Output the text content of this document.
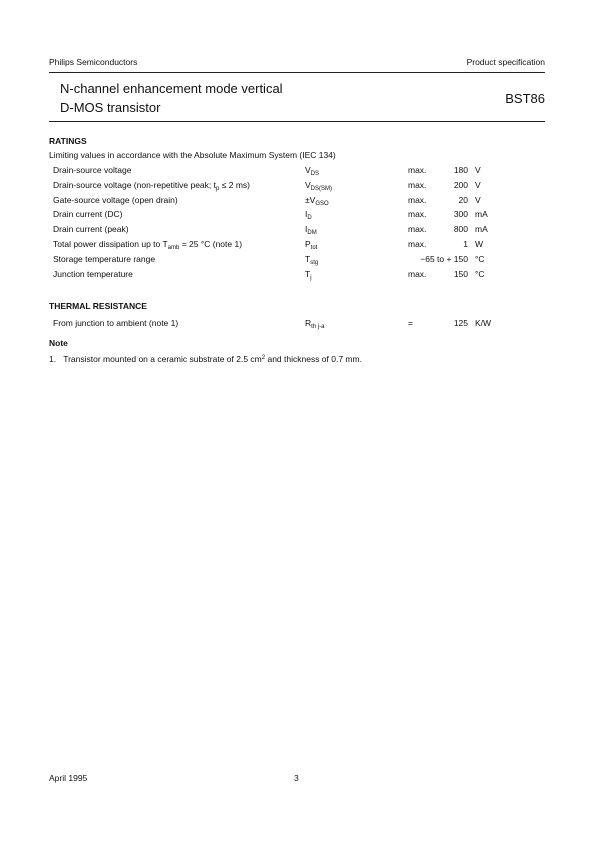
Philips Semiconductors	Product specification
N-channel enhancement mode vertical
D-MOS transistor
BST86
RATINGS
Limiting values in accordance with the Absolute Maximum System (IEC 134)
Drain-source voltage	$V_{DS}$	max.	180 V
Drain-source voltage (non-repetitive peak; $t_p \le 2$ ms)	$V_{DS(SM)}$	max.	200 V
Gate-source voltage (open drain)	$\pm V_{GSO}$	max.	20 V
Drain current (DC)	$I_D$	max.	300 mA
Drain current (peak)	$I_{DM}$	max.	800 mA
Total power dissipation up to $T_{amb} = 25$ °C (note 1)	$P_{tot}$	max.	1 W
Storage temperature range	$T_{stg}$	−65 to + 150 °C
Junction temperature	$T_j$	max.	150 °C
THERMAL RESISTANCE
From junction to ambient (note 1)	$R_{th j-a}$	=	125 K/W
Note
1. Transistor mounted on a ceramic substrate of 2.5 $cm^2$ and thickness of 0.7 mm.
April 1995	3
